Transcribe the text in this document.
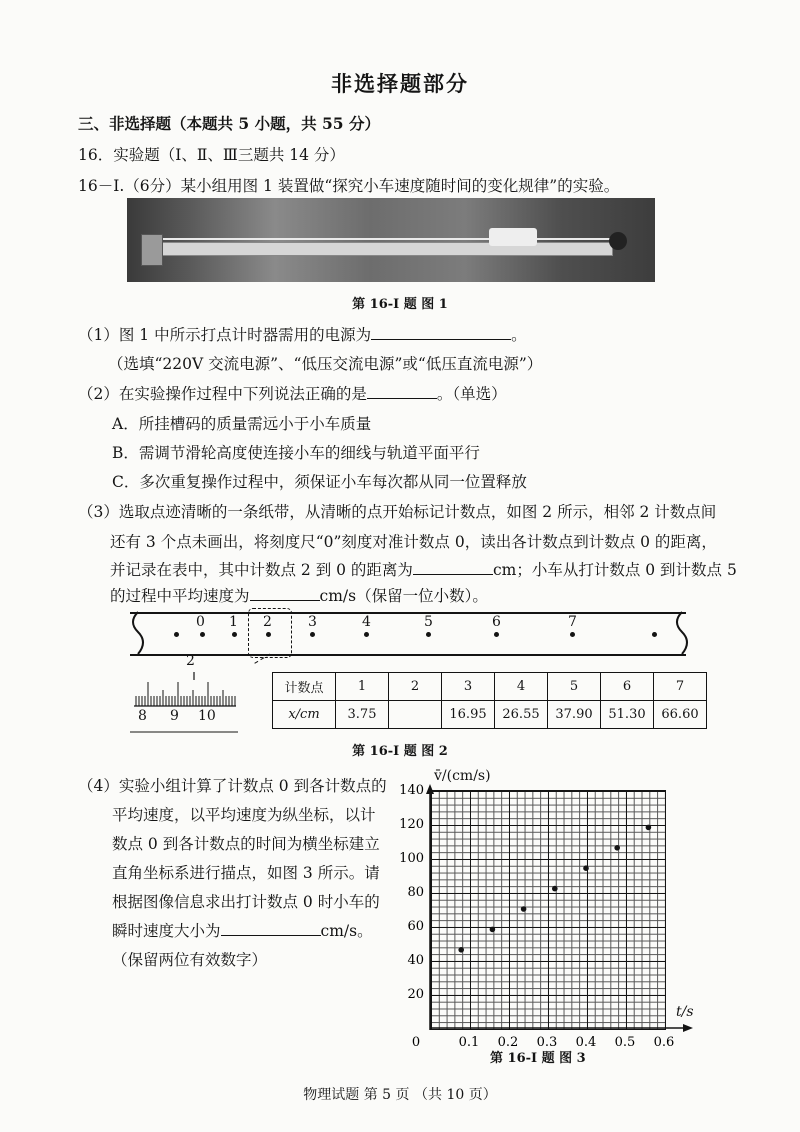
非选择题部分
三、非选择题（本题共 5 小题，共 55 分）
16．实验题（Ⅰ、Ⅱ、Ⅲ三题共 14 分）
16－Ⅰ.（6分）某小组用图 1 装置做“探究小车速度随时间的变化规律”的实验。
第 16-Ⅰ 题 图 1
（1）图 1 中所示打点计时器需用的电源为	。
（选填“220V 交流电源”、“低压交流电源”或“低压直流电源”）
（2）在实验操作过程中下列说法正确的是	。（单选）
A．所挂槽码的质量需远小于小车质量
B．需调节滑轮高度使连接小车的细线与轨道平面平行
C．多次重复操作过程中，须保证小车每次都从同一位置释放
（3）选取点迹清晰的一条纸带，从清晰的点开始标记计数点，如图 2 所示，相邻 2 计数点间
还有 3 个点未画出，将刻度尺“0”刻度对准计数点 0，读出各计数点到计数点 0 的距离，
并记录在表中，其中计数点 2 到 0 的距离为	cm；小车从打计数点 0 到计数点 5
的过程中平均速度为	cm/s（保留一位小数）。
0 1 2	3	4	5	6	7
2
8 9 10
计数点	1	2	3	4	5	6	7
x/cm	3.75		16.95	26.55	37.90	51.30	66.60
第 16-Ⅰ 题 图 2
（4）实验小组计算了计数点 0 到各计数点的
平均速度，以平均速度为纵坐标，以计
数点 0 到各计数点的时间为横坐标建立
直角坐标系进行描点，如图 3 所示。请
根据图像信息求出打计数点 0 时小车的
瞬时速度大小为	cm/s。
（保留两位有效数字）
v̄/(cm/s)
t/s
0	0.1 0.2 0.3 0.4 0.5 0.6
20
40
60
80
100
120
140
第 16-Ⅰ 题 图 3
物理试题 第 5 页 （共 10 页）
